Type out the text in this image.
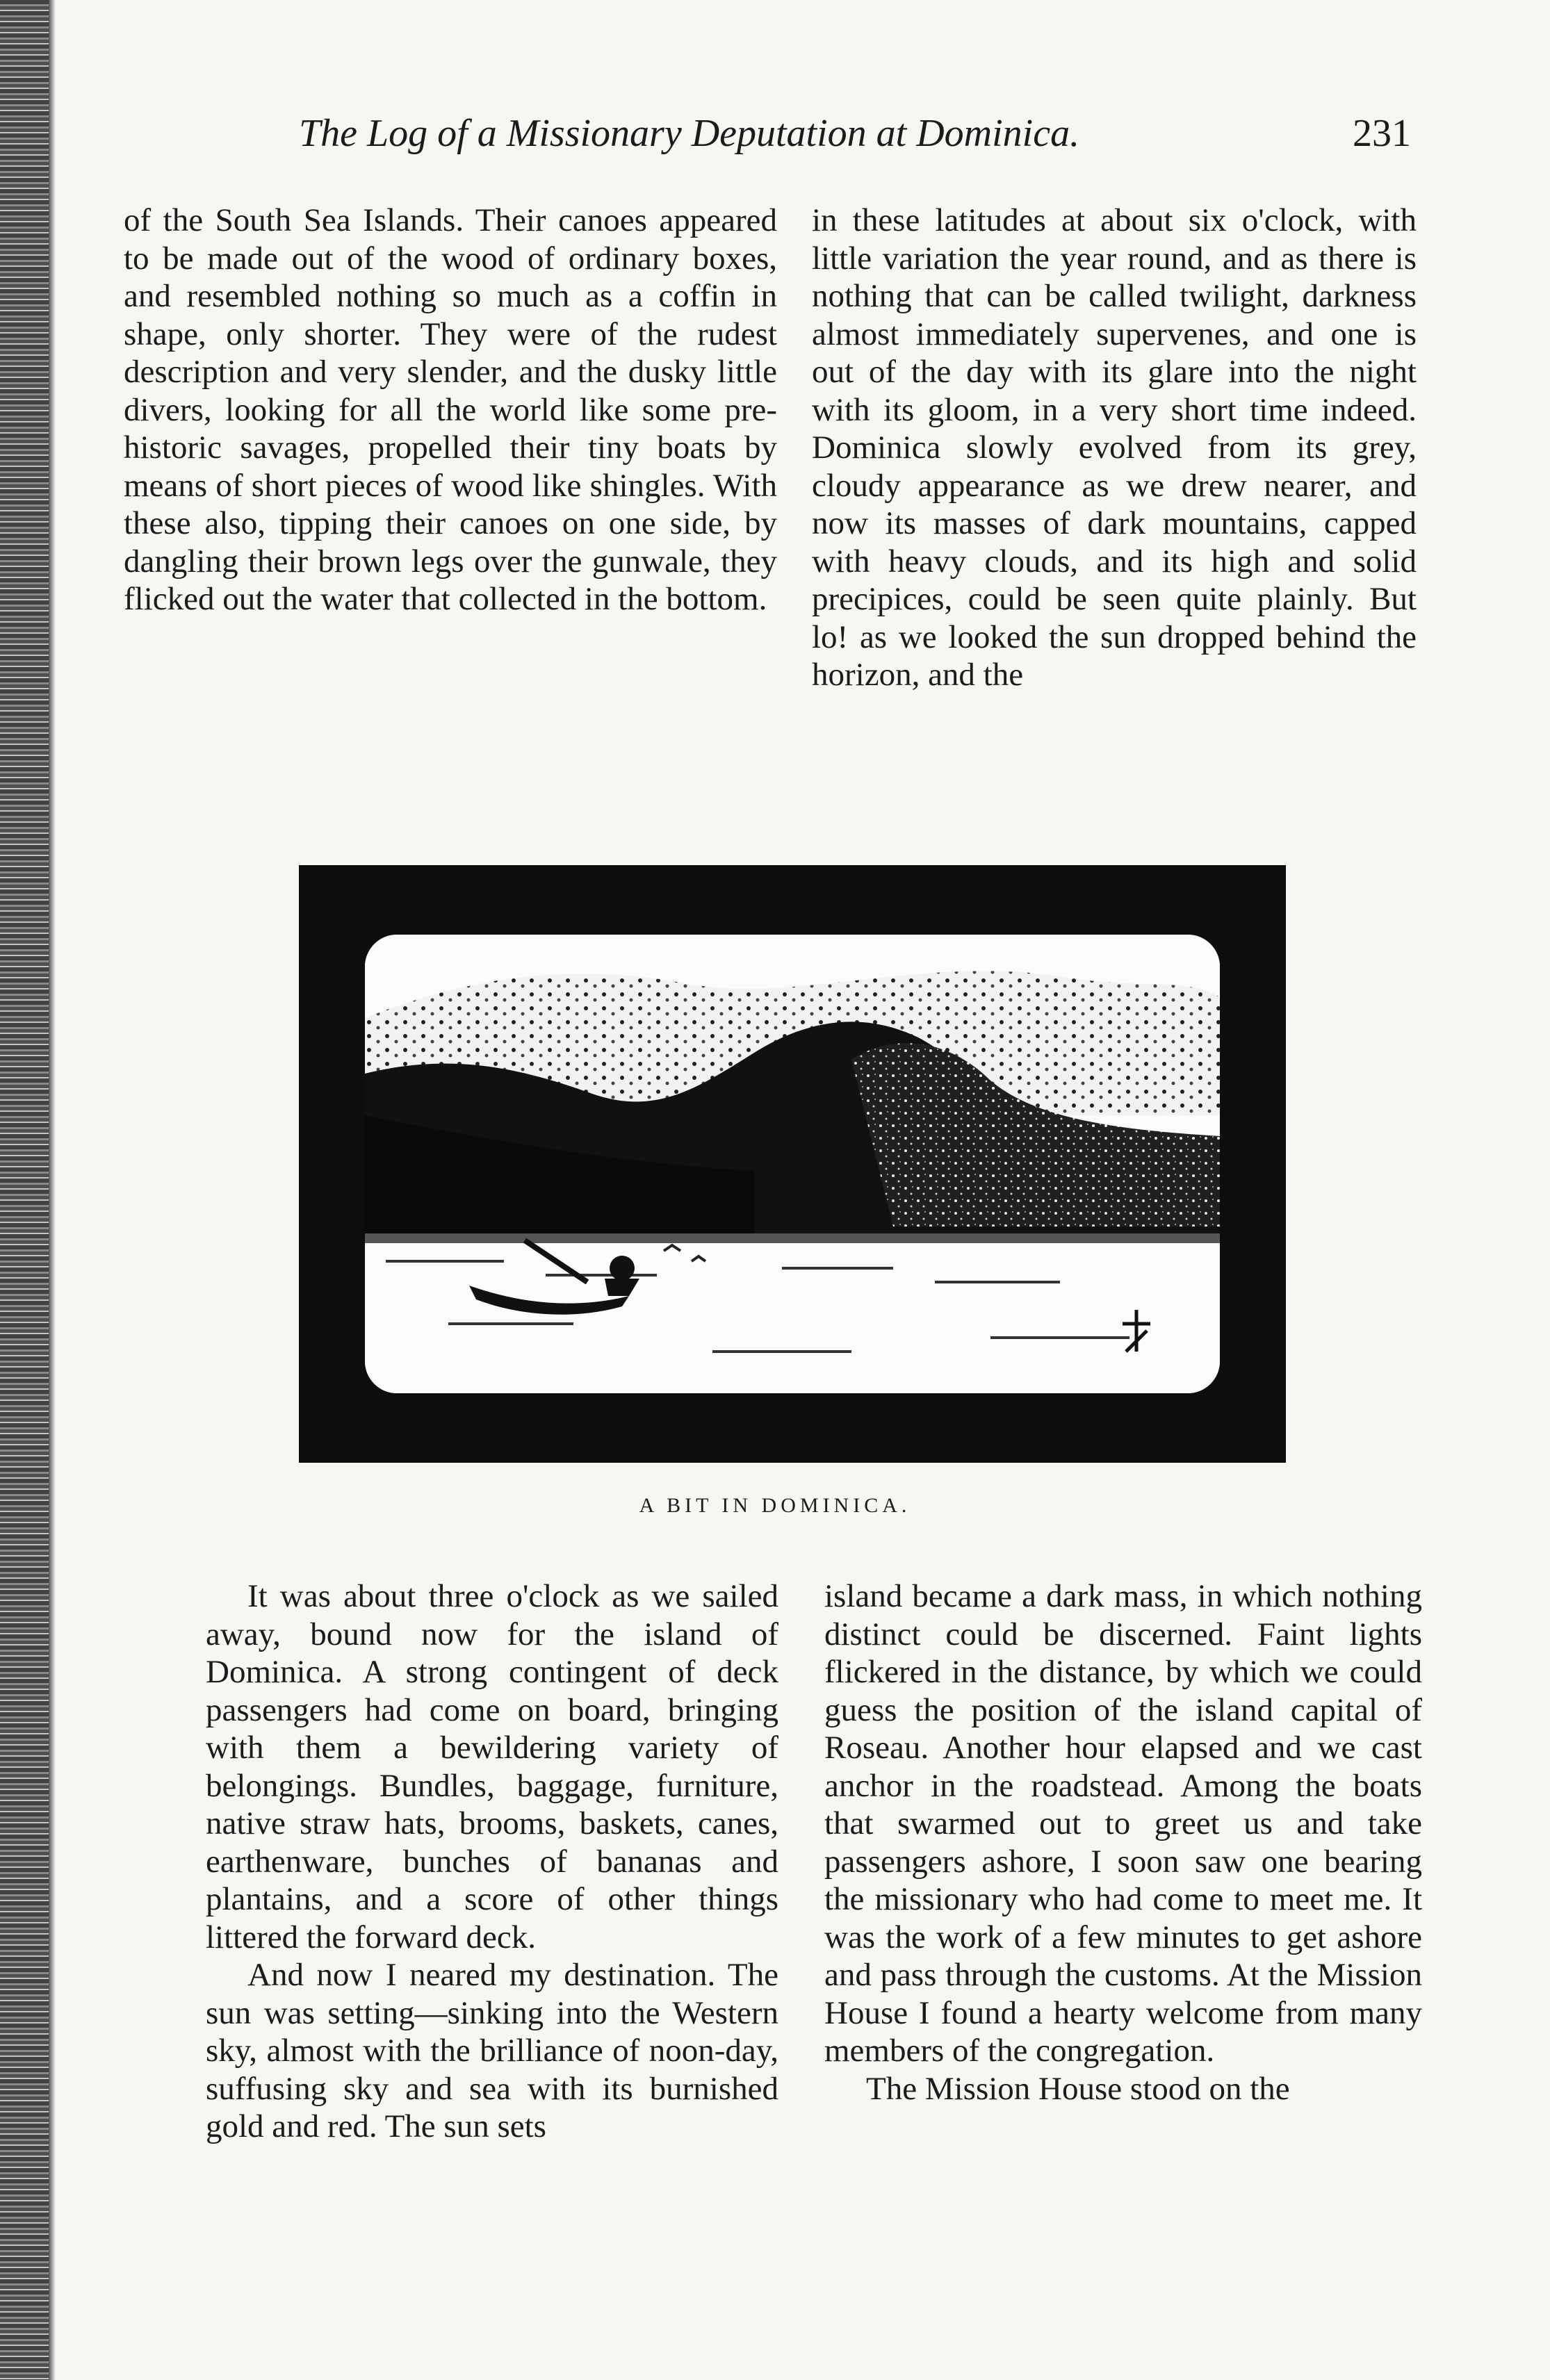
The Log of a Missionary Deputation at Dominica.	231

of the South Sea Islands. Their canoes appeared to be made out of the wood of ordinary boxes, and resembled nothing so much as a coffin in shape, only shorter. They were of the rudest description and very slender, and the dusky little divers, looking for all the world like some pre-historic savages, propelled their tiny boats by means of short pieces of wood like shingles. With these also, tipping their canoes on one side, by dangling their brown legs over the gunwale, they flicked out the water that collected in the bottom.

in these latitudes at about six o'clock, with little variation the year round, and as there is nothing that can be called twilight, darkness almost immediately supervenes, and one is out of the day with its glare into the night with its gloom, in a very short time indeed. Dominica slowly evolved from its grey, cloudy appearance as we drew nearer, and now its masses of dark mountains, capped with heavy clouds, and its high and solid precipices, could be seen quite plainly. But lo! as we looked the sun dropped behind the horizon, and the

A BIT IN DOMINICA.

It was about three o'clock as we sailed away, bound now for the island of Dominica. A strong contingent of deck passengers had come on board, bringing with them a bewildering variety of belongings. Bundles, baggage, furniture, native straw hats, brooms, baskets, canes, earthenware, bunches of bananas and plantains, and a score of other things littered the forward deck.

And now I neared my destination. The sun was setting—sinking into the Western sky, almost with the brilliance of noon-day, suffusing sky and sea with its burnished gold and red. The sun sets

island became a dark mass, in which nothing distinct could be discerned. Faint lights flickered in the distance, by which we could guess the position of the island capital of Roseau. Another hour elapsed and we cast anchor in the roadstead. Among the boats that swarmed out to greet us and take passengers ashore, I soon saw one bearing the missionary who had come to meet me. It was the work of a few minutes to get ashore and pass through the customs. At the Mission House I found a hearty welcome from many members of the congregation.

The Mission House stood on the
